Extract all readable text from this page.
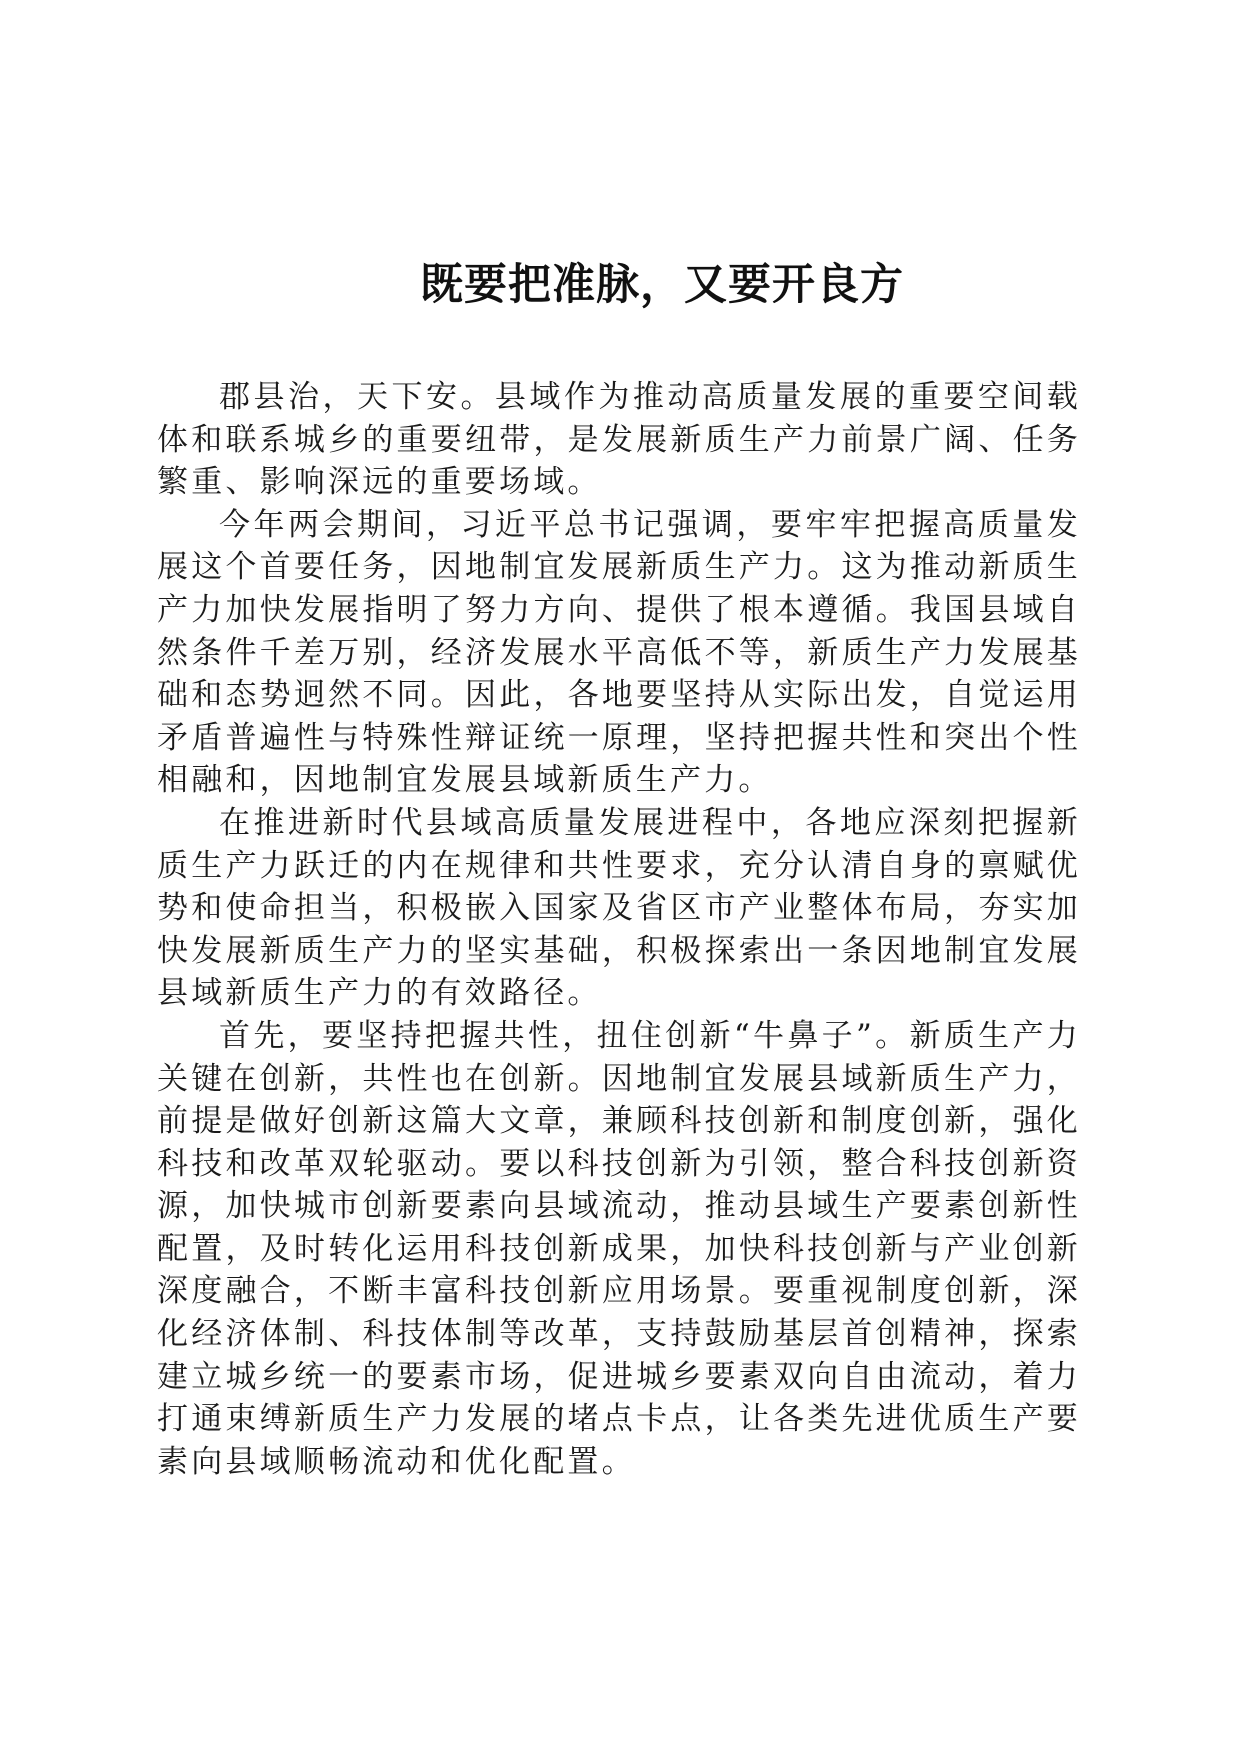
既要把准脉，又要开良方

郡县治，天下安。县域作为推动高质量发展的重要空间载体和联系城乡的重要纽带，是发展新质生产力前景广阔、任务繁重、影响深远的重要场域。

今年两会期间，习近平总书记强调，要牢牢把握高质量发展这个首要任务，因地制宜发展新质生产力。这为推动新质生产力加快发展指明了努力方向、提供了根本遵循。我国县域自然条件千差万别，经济发展水平高低不等，新质生产力发展基础和态势迥然不同。因此，各地要坚持从实际出发，自觉运用矛盾普遍性与特殊性辩证统一原理，坚持把握共性和突出个性相融和，因地制宜发展县域新质生产力。

在推进新时代县域高质量发展进程中，各地应深刻把握新质生产力跃迁的内在规律和共性要求，充分认清自身的禀赋优势和使命担当，积极嵌入国家及省区市产业整体布局，夯实加快发展新质生产力的坚实基础，积极探索出一条因地制宜发展县域新质生产力的有效路径。

首先，要坚持把握共性，扭住创新“牛鼻子”。新质生产力关键在创新，共性也在创新。因地制宜发展县域新质生产力，前提是做好创新这篇大文章，兼顾科技创新和制度创新，强化科技和改革双轮驱动。要以科技创新为引领，整合科技创新资源，加快城市创新要素向县域流动，推动县域生产要素创新性配置，及时转化运用科技创新成果，加快科技创新与产业创新深度融合，不断丰富科技创新应用场景。要重视制度创新，深化经济体制、科技体制等改革，支持鼓励基层首创精神，探索建立城乡统一的要素市场，促进城乡要素双向自由流动，着力打通束缚新质生产力发展的堵点卡点，让各类先进优质生产要素向县域顺畅流动和优化配置。
